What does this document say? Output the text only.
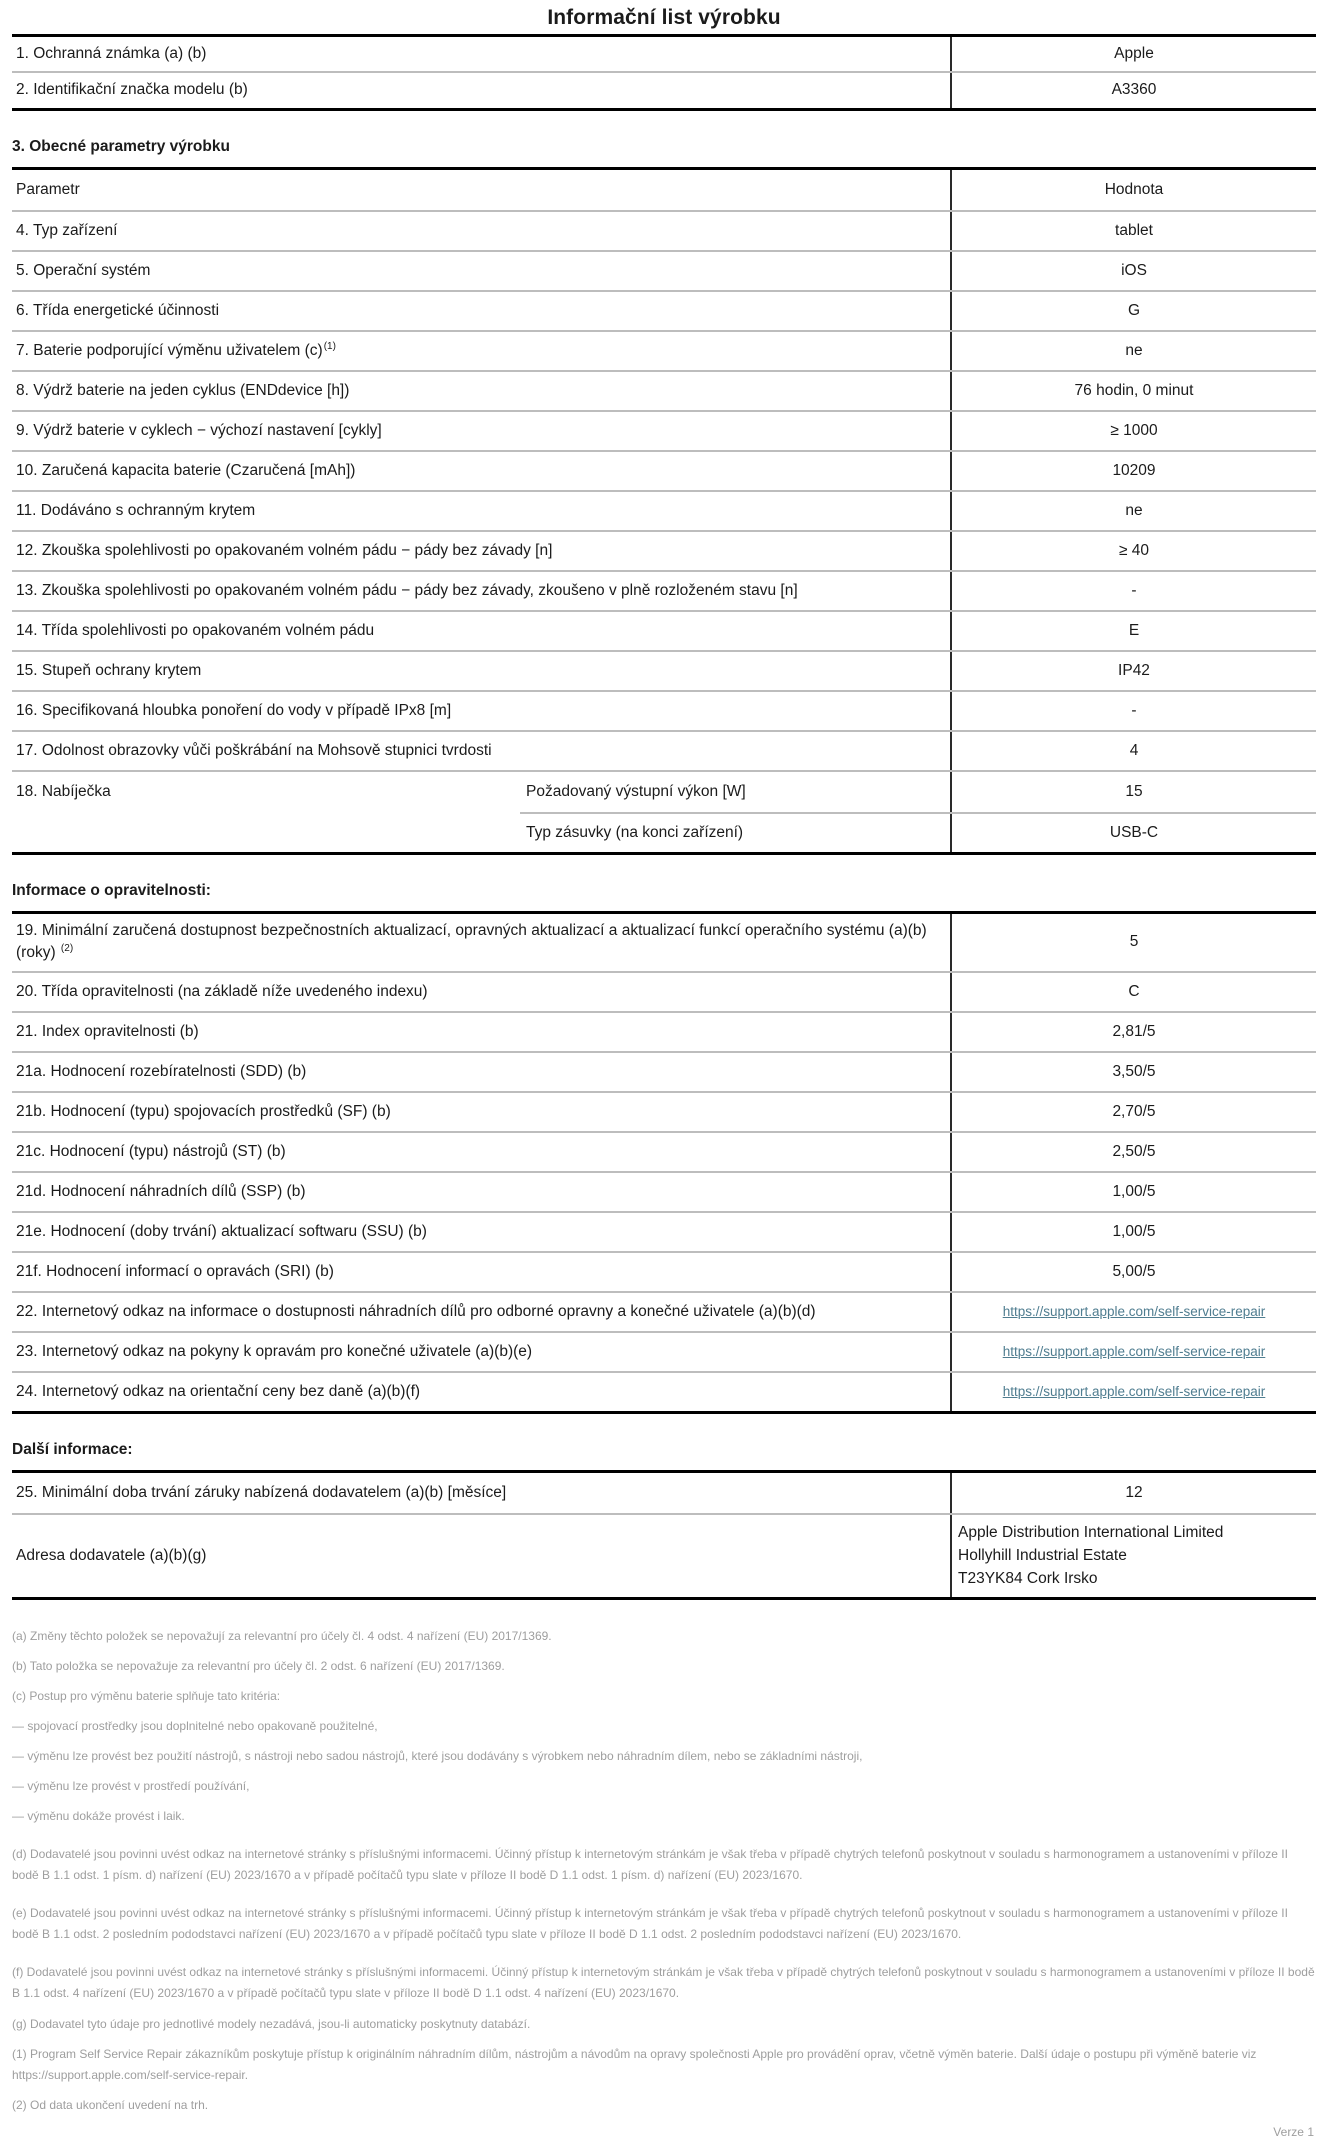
Informační list výrobku
1. Ochranná známka (a) (b)	Apple
2. Identifikační značka modelu (b)	A3360
3. Obecné parametry výrobku
Parametr	Hodnota
4. Typ zařízení	tablet
5. Operační systém	iOS
6. Třída energetické účinnosti	G
7. Baterie podporující výměnu uživatelem $(c)^{(1)}$	ne
8. Výdrž baterie na jeden cyklus (ENDdevice [h])	76 hodin, 0 minut
9. Výdrž baterie v cyklech − výchozí nastavení [cykly]	≥ 1000
10. Zaručená kapacita baterie (Czaručená [mAh])	10209
11. Dodáváno s ochranným krytem	ne
12. Zkouška spolehlivosti po opakovaném volném pádu − pády bez závady [n]	≥ 40
13. Zkouška spolehlivosti po opakovaném volném pádu − pády bez závady, zkoušeno v plně rozloženém stavu [n]	-
14. Třída spolehlivosti po opakovaném volném pádu	E
15. Stupeň ochrany krytem	IP42
16. Specifikovaná hloubka ponoření do vody v případě IPx8 [m]	-
17. Odolnost obrazovky vůči poškrábání na Mohsově stupnici tvrdosti	4
18. Nabíječka	Požadovaný výstupní výkon [W]	15
Typ zásuvky (na konci zařízení)	USB-C
Informace o opravitelnosti:
19. Minimální zaručená dostupnost bezpečnostních aktualizací, opravných aktualizací a aktualizací funkcí operačního systému (a)(b)(roky) $^{(2)}$	5
20. Třída opravitelnosti (na základě níže uvedeného indexu)	C
21. Index opravitelnosti (b)	2,81/5
21a. Hodnocení rozebíratelnosti (SDD) (b)	3,50/5
21b. Hodnocení (typu) spojovacích prostředků (SF) (b)	2,70/5
21c. Hodnocení (typu) nástrojů (ST) (b)	2,50/5
21d. Hodnocení náhradních dílů (SSP) (b)	1,00/5
21e. Hodnocení (doby trvání) aktualizací softwaru (SSU) (b)	1,00/5
21f. Hodnocení informací o opravách (SRI) (b)	5,00/5
22. Internetový odkaz na informace o dostupnosti náhradních dílů pro odborné opravny a konečné uživatele (a)(b)(d)	https://support.apple.com/self-service-repair
23. Internetový odkaz na pokyny k opravám pro konečné uživatele (a)(b)(e)	https://support.apple.com/self-service-repair
24. Internetový odkaz na orientační ceny bez daně (a)(b)(f)	https://support.apple.com/self-service-repair
Další informace:
25. Minimální doba trvání záruky nabízená dodavatelem (a)(b) [měsíce]	12
Adresa dodavatele (a)(b)(g)
Apple Distribution International Limited
Hollyhill Industrial Estate
T23YK84 Cork Irsko

(a) Změny těchto položek se nepovažují za relevantní pro účely čl. 4 odst. 4 nařízení (EU) 2017/1369.

(b) Tato položka se nepovažuje za relevantní pro účely čl. 2 odst. 6 nařízení (EU) 2017/1369.

(c) Postup pro výměnu baterie splňuje tato kritéria:

— spojovací prostředky jsou doplnitelné nebo opakovaně použitelné,

— výměnu lze provést bez použití nástrojů, s nástroji nebo sadou nástrojů, které jsou dodávány s výrobkem nebo náhradním dílem, nebo se základními nástroji,

— výměnu lze provést v prostředí používání,

— výměnu dokáže provést i laik.

(d) Dodavatelé jsou povinni uvést odkaz na internetové stránky s příslušnými informacemi. Účinný přístup k internetovým stránkám je však třeba v případě chytrých telefonů poskytnout v souladu s harmonogramem a ustanoveními v příloze II bodě B 1.1 odst. 1 písm. d) nařízení (EU) 2023/1670 a v případě počítačů typu slate v příloze II bodě D 1.1 odst. 1 písm. d) nařízení (EU) 2023/1670.

(e) Dodavatelé jsou povinni uvést odkaz na internetové stránky s příslušnými informacemi. Účinný přístup k internetovým stránkám je však třeba v případě chytrých telefonů poskytnout v souladu s harmonogramem a ustanoveními v příloze II bodě B 1.1 odst. 2 posledním pododstavci nařízení (EU) 2023/1670 a v případě počítačů typu slate v příloze II bodě D 1.1 odst. 2 posledním pododstavci nařízení (EU) 2023/1670.

(f) Dodavatelé jsou povinni uvést odkaz na internetové stránky s příslušnými informacemi. Účinný přístup k internetovým stránkám je však třeba v případě chytrých telefonů poskytnout v souladu s harmonogramem a ustanoveními v příloze II bodě B 1.1 odst. 4 nařízení (EU) 2023/1670 a v případě počítačů typu slate v příloze II bodě D 1.1 odst. 4 nařízení (EU) 2023/1670.

(g) Dodavatel tyto údaje pro jednotlivé modely nezadává, jsou-li automaticky poskytnuty databází.

(1) Program Self Service Repair zákazníkům poskytuje přístup k originálním náhradním dílům, nástrojům a návodům na opravy společnosti Apple pro provádění oprav, včetně výměn baterie. Další údaje o postupu při výměně baterie viz https://support.apple.com/self-service-repair.

(2) Od data ukončení uvedení na trh.

Verze 1
